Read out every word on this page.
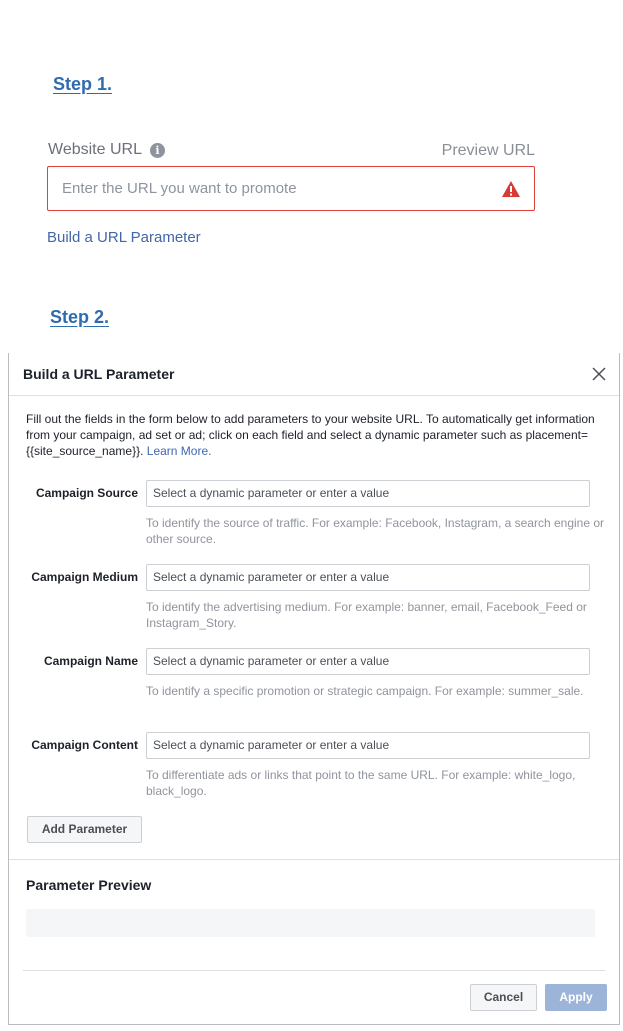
Step 1.
Website URL	i	Preview URL
Enter the URL you want to promote
Build a URL Parameter
Step 2.
Build a URL Parameter
Fill out the fields in the form below to add parameters to your website URL. To automatically get information from your campaign, ad set or ad; click on each field and select a dynamic parameter such as placement={{site_source_name}}. Learn More.
Campaign Source	Select a dynamic parameter or enter a value
To identify the source of traffic. For example: Facebook, Instagram, a search engine or other source.
Campaign Medium	Select a dynamic parameter or enter a value
To identify the advertising medium. For example: banner, email, Facebook_Feed or Instagram_Story.
Campaign Name	Select a dynamic parameter or enter a value
To identify a specific promotion or strategic campaign. For example: summer_sale.
Campaign Content	Select a dynamic parameter or enter a value
To differentiate ads or links that point to the same URL. For example: white_logo, black_logo.
Add Parameter
Parameter Preview
Cancel	Apply
